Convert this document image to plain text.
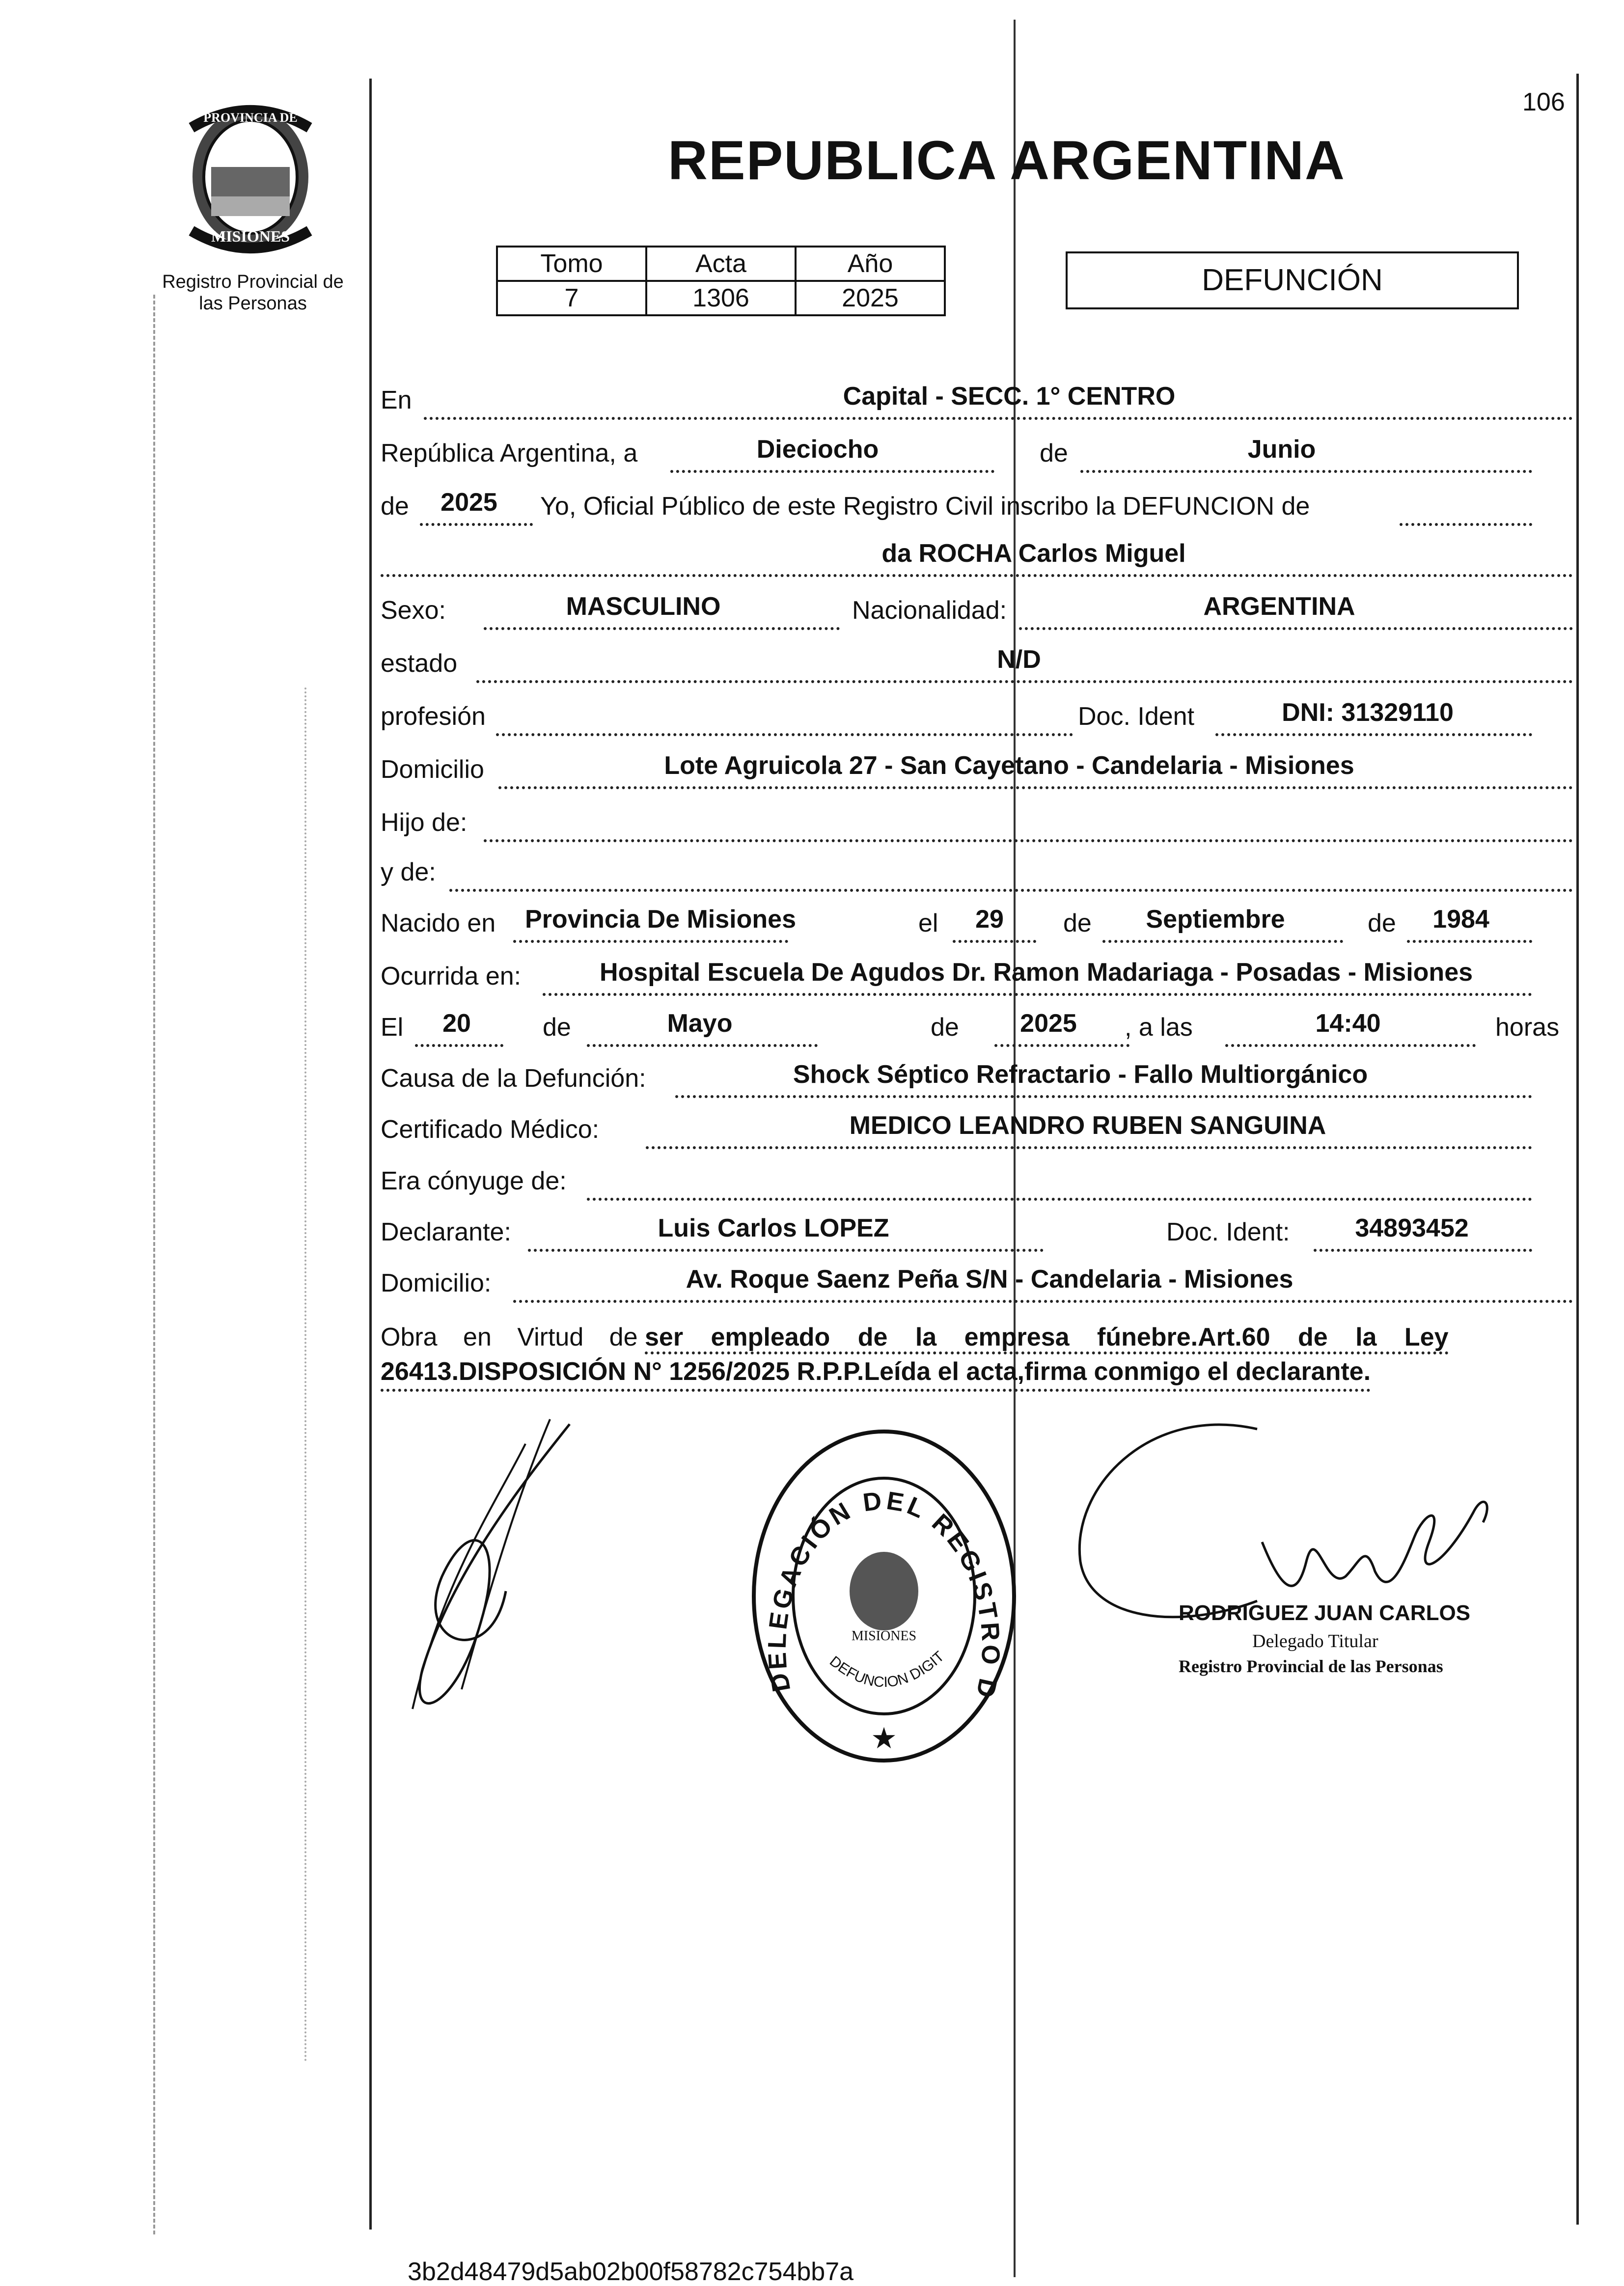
106
PROVINCIA DE
MISIONES
Registro Provincial de
las Personas
REPUBLICA ARGENTINA
Tomo	Acta	Año
7	1306	2025
DEFUNCIÓN
En	Capital - SECC. 1° CENTRO
República Argentina, a	Dieciocho	de	Junio
de	2025	Yo, Oficial Público de este Registro Civil inscribo la DEFUNCION de
da ROCHA Carlos Miguel
Sexo:	MASCULINO	Nacionalidad:	ARGENTINA
estado	N/D
profesión	Doc. Ident	DNI: 31329110
Domicilio	Lote Agruicola 27 - San Cayetano - Candelaria - Misiones
Hijo de:
y de:
Nacido en	Provincia De Misiones	el	29	de	Septiembre	de	1984
Ocurrida en:	Hospital Escuela De Agudos Dr. Ramon Madariaga - Posadas - Misiones
El	20	de	Mayo	de	2025	, a las	14:40	horas
Causa de la Defunción:	Shock Séptico Refractario - Fallo Multiorgánico
Certificado Médico:	MEDICO LEANDRO RUBEN SANGUINA
Era cónyuge de:
Declarante:	Luis Carlos LOPEZ	Doc. Ident:	34893452
Domicilio:	Av. Roque Saenz Peña S/N - Candelaria - Misiones
Obra en Virtud de ser empleado de la empresa fúnebre.Art.60 de la Ley
26413.DISPOSICIÓN N° 1256/2025 R.P.P.Leída el acta,firma conmigo el declarante.
DELEGACIÓN DEL REGISTRO D
DEFUNCION DIGIT
MISIONES
★
RODRIGUEZ JUAN CARLOS
Delegado Titular
Registro Provincial de las Personas
3b2d48479d5ab02b00f58782c754bb7a
